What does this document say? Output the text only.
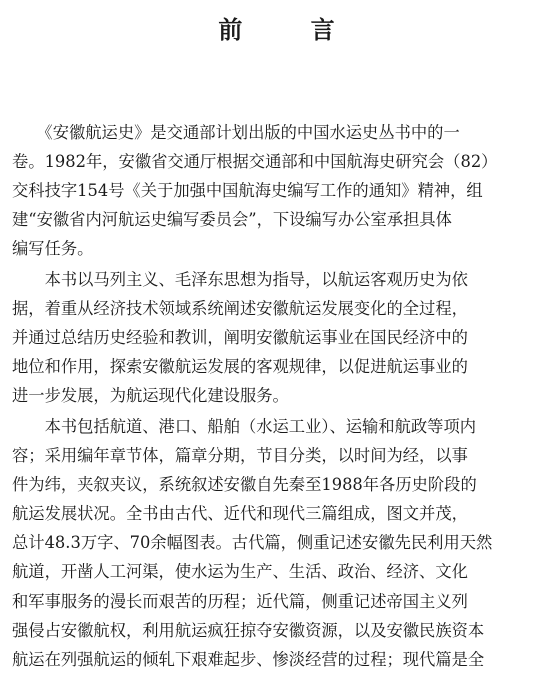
前 言
　　《安徽航运史》是交通部计划出版的中国水运史丛书中的一
卷。1982年，安徽省交通厅根据交通部和中国航海史研究会（82）
交科技字154号《关于加强中国航海史编写工作的通知》精神，组
建“安徽省内河航运史编写委员会”，下设编写办公室承担具体
编写任务。
　　本书以马列主义、毛泽东思想为指导，以航运客观历史为依
据，着重从经济技术领域系统阐述安徽航运发展变化的全过程，
并通过总结历史经验和教训，阐明安徽航运事业在国民经济中的
地位和作用，探索安徽航运发展的客观规律，以促进航运事业的
进一步发展，为航运现代化建设服务。
　　本书包括航道、港口、船舶（水运工业）、运输和航政等项内
容；采用编年章节体，篇章分期，节目分类，以时间为经，以事
件为纬，夹叙夹议，系统叙述安徽自先秦至1988年各历史阶段的
航运发展状况。全书由古代、近代和现代三篇组成，图文并茂，
总计48.3万字、70余幅图表。古代篇，侧重记述安徽先民利用天然
航道，开凿人工河渠，使水运为生产、生活、政治、经济、文化
和军事服务的漫长而艰苦的历程；近代篇，侧重记述帝国主义列
强侵占安徽航权，利用航运疯狂掠夺安徽资源，以及安徽民族资本
航运在列强航运的倾轧下艰难起步、惨淡经营的过程；现代篇是全
